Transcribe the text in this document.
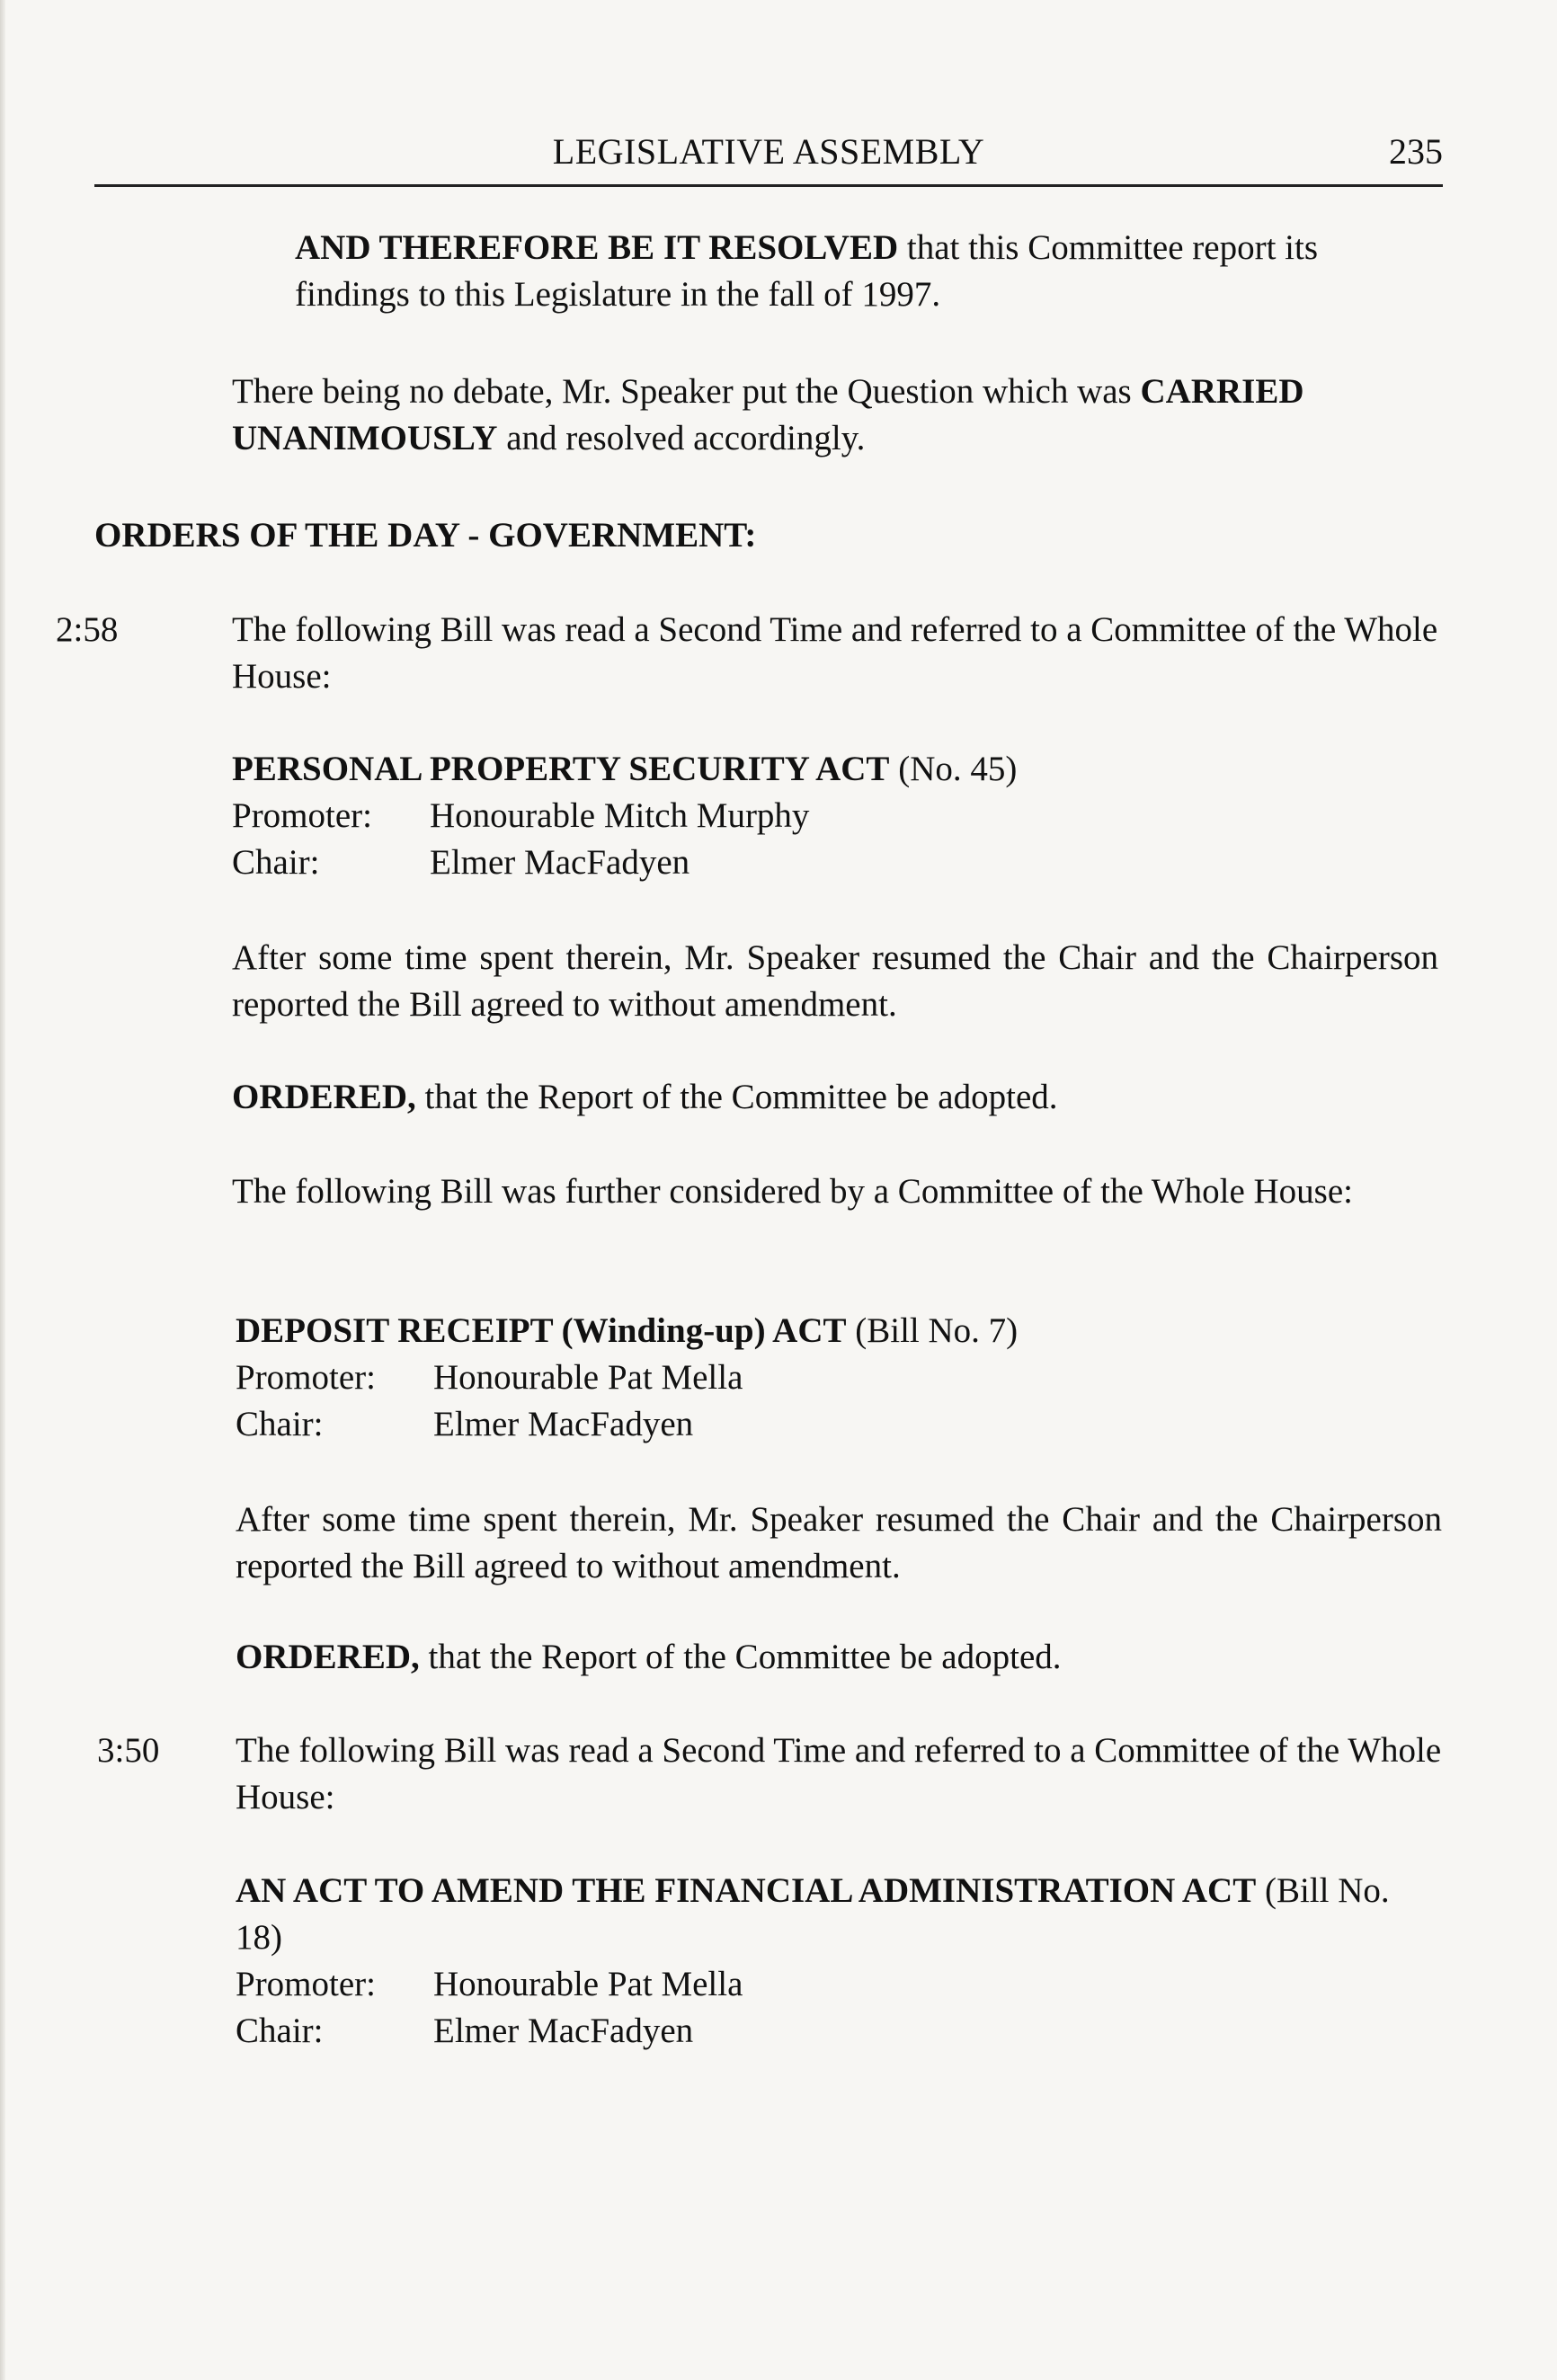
LEGISLATIVE ASSEMBLY	235

AND THEREFORE BE IT RESOLVED that this Committee report its findings to this Legislature in the fall of 1997.

There being no debate, Mr. Speaker put the Question which was CARRIED UNANIMOUSLY and resolved accordingly.

ORDERS OF THE DAY - GOVERNMENT:

2:58	The following Bill was read a Second Time and referred to a Committee of the Whole House:

PERSONAL PROPERTY SECURITY ACT (No. 45)

Promoter: Honourable Mitch Murphy
Chair:	Elmer MacFadyen

After some time spent therein, Mr. Speaker resumed the Chair and the Chairperson reported the Bill agreed to without amendment.

ORDERED, that the Report of the Committee be adopted.

The following Bill was further considered by a Committee of the Whole House:

DEPOSIT RECEIPT (Winding-up) ACT (Bill No. 7)

Promoter: Honourable Pat Mella
Chair:	Elmer MacFadyen

After some time spent therein, Mr. Speaker resumed the Chair and the Chairperson reported the Bill agreed to without amendment.

ORDERED, that the Report of the Committee be adopted.

3:50 The following Bill was read a Second Time and referred to a Committee of the Whole House:

AN ACT TO AMEND THE FINANCIAL ADMINISTRATION ACT (Bill No. 18)

Promoter: Honourable Pat Mella
Chair:	Elmer MacFadyen
